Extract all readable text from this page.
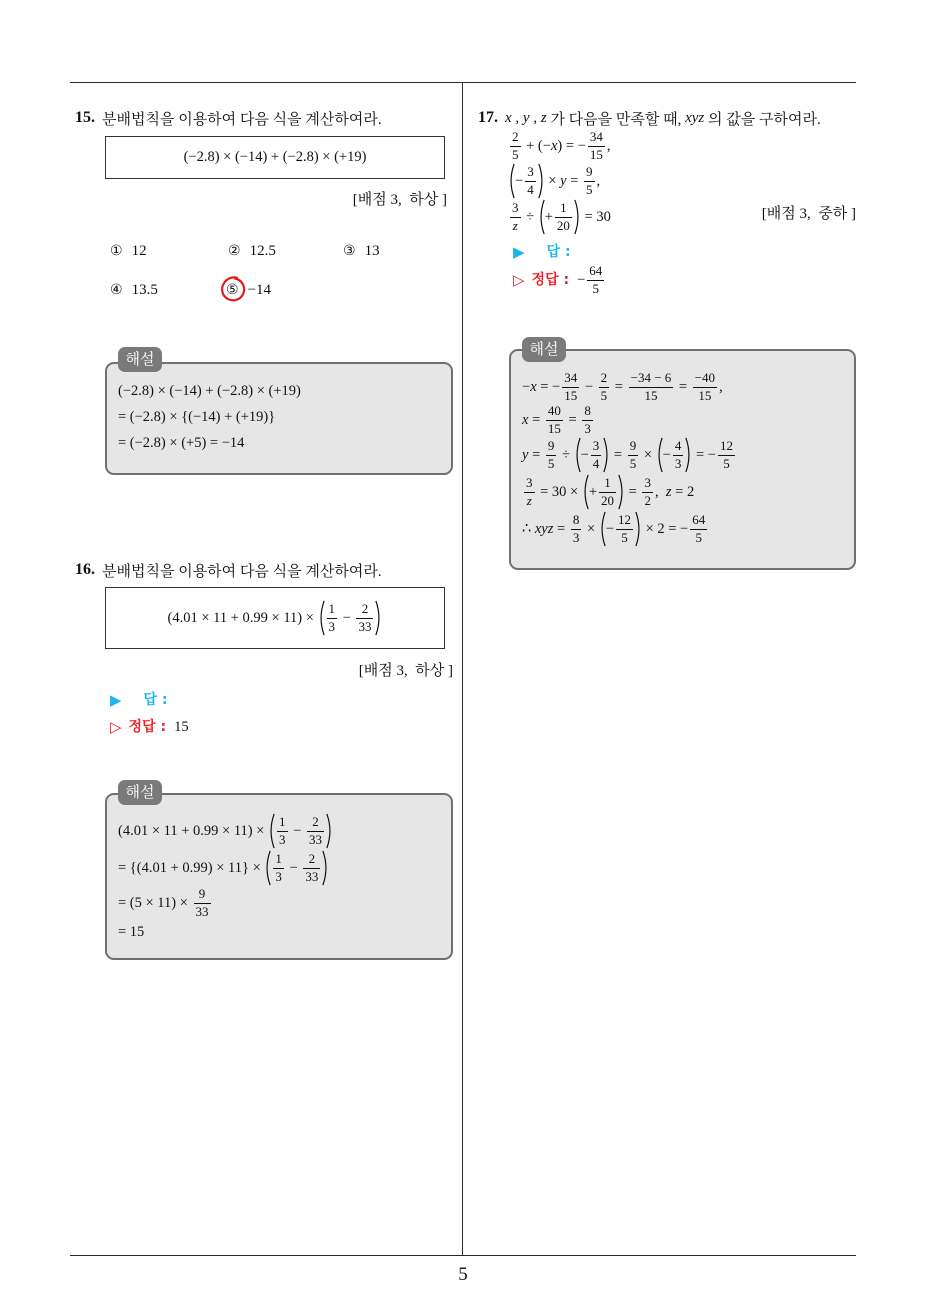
5
15. 분배법칙을 이용하여 다음 식을 계산하여라.
(−2.8) × (−14) + (−2.8) × (+19)
[배점 3,  하상 ]
① 12	② 12.5	③ 13
④ 13.5	⑤ −14
(−2.8) × (−14) + (−2.8) × (+19)
= (−2.8) × {(−14) + (+19)}
= (−2.8) × (+5) = −14
해설
16. 분배법칙을 이용하여 다음 식을 계산하여라.
$(4.01 \times 11 + 0.99 \times 11) \times \frac{1}{3} - \frac{2}{33}$
[배점 3,  하상 ]
▶ 답 :
▷ 정답 : 15
$(4.01 \times 11 + 0.99 \times 11) \times \frac{1}{3} - \frac{2}{33}$
= $\{(4.01 + 0.99) \times 11\} \times \frac{1}{3} - \frac{2}{33}$
= $(5 \times 11) \times \frac{9}{33}$
= 15
해설
17. x , y , z 가 다음을 만족할 때, xyz 의 값을 구하여라.
$\frac{2}{5}$ + (− x ) = − $\frac{34}{15}$ ,
− $\frac{3}{4} \times y = \frac{9}{5}$ ,
$\frac{3}{z}$ ÷ + $\frac{1}{20} = 30$	[배점 3,  중하 ]
▶ 답 :
▷ 정답 : − $\frac{64}{5}$
− x = − $\frac{34}{15} - \frac{2}{5} = \frac{-34 - 6}{15} = \frac{-40}{15}$ ,
$x = \frac{40}{15} = \frac{8}{3}$
$y = \frac{9}{5}$ ÷ − $\frac{3}{4} = \frac{9}{5}$ × − $\frac{4}{3}$ = − $\frac{12}{5}$
$\frac{3}{z} = 30$ × + $\frac{1}{20} = \frac{3}{2}$ , z = 2
∴ xyz = $\frac{8}{3}$ × − $\frac{12}{5} \times 2$ = − $\frac{64}{5}$
해설
